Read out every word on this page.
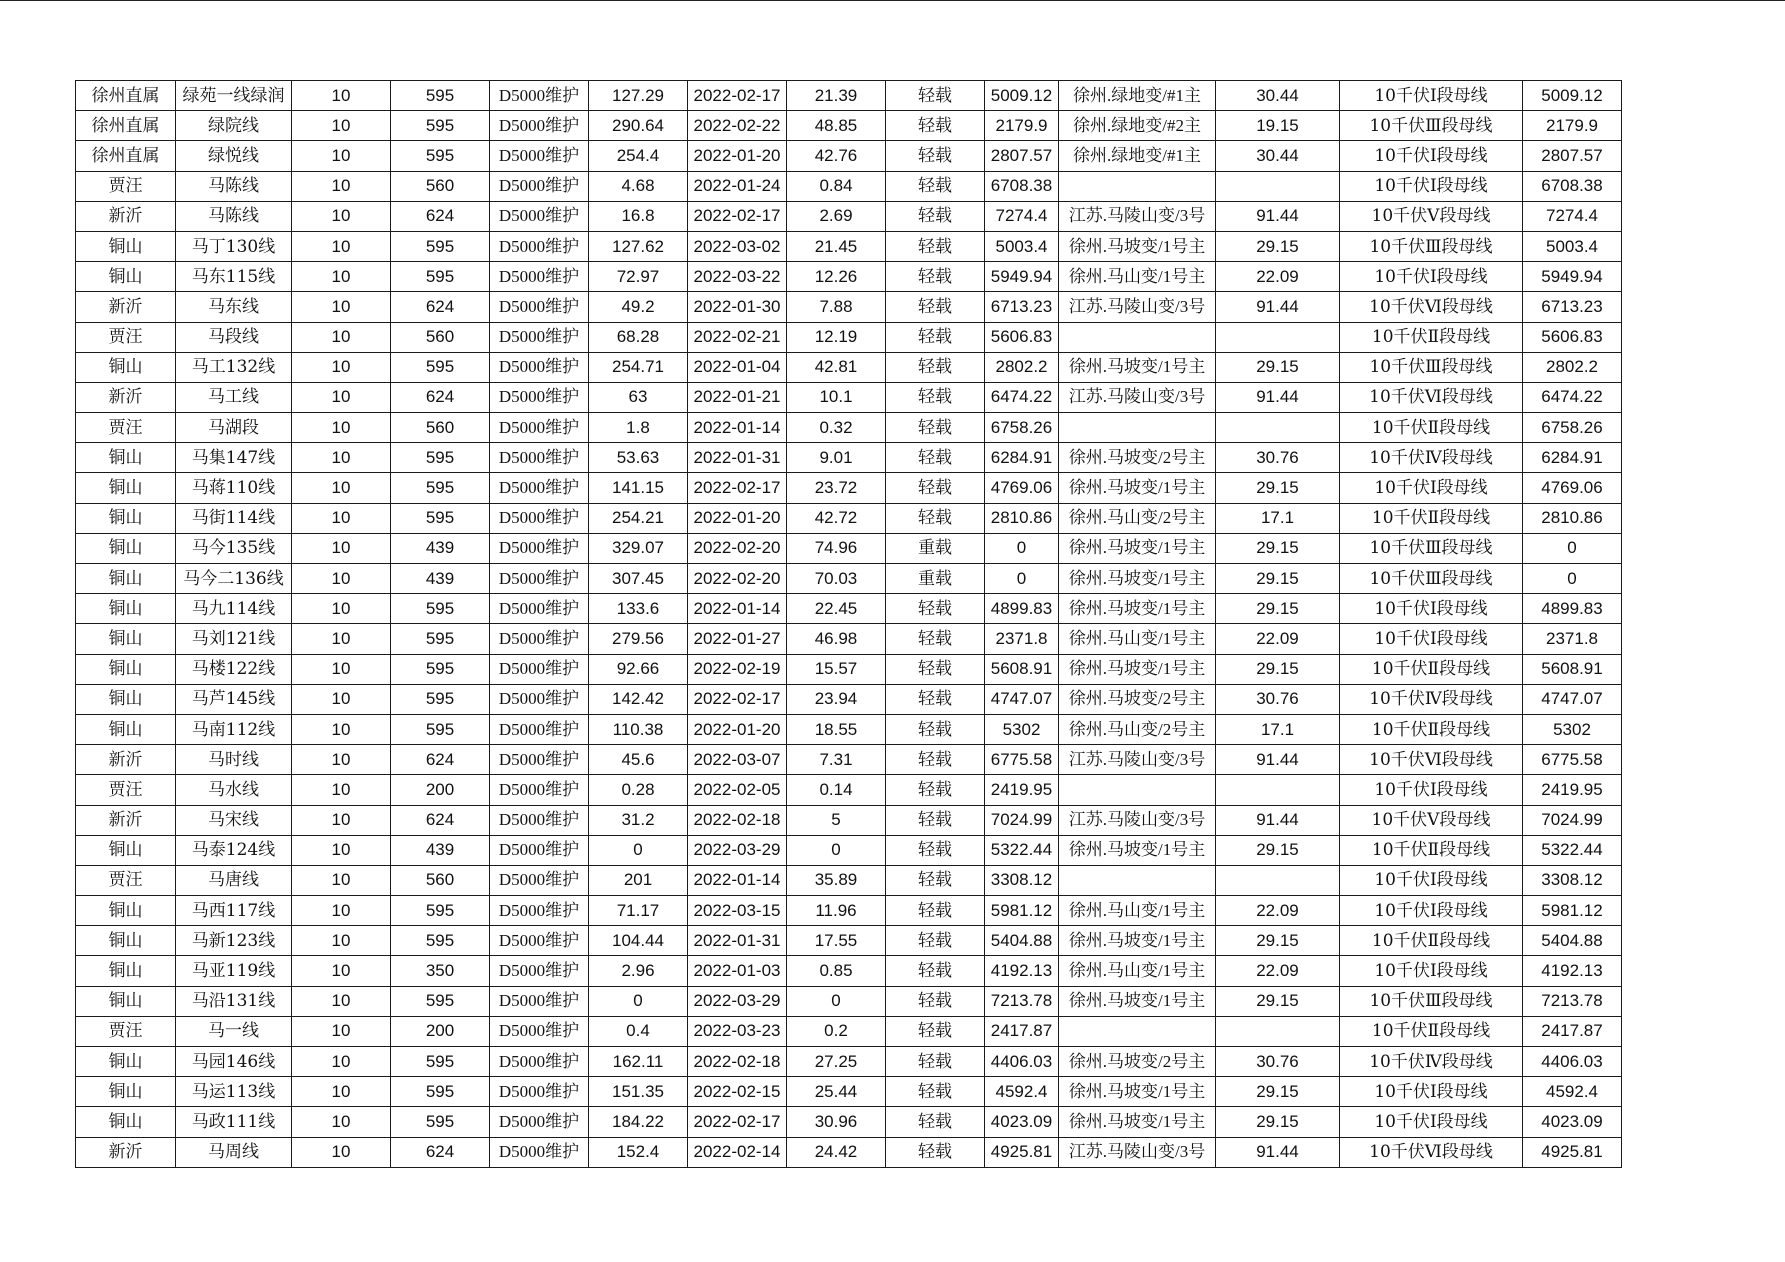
徐州直属	绿苑一线绿润	10	595	D5000维护	127.29	2022-02-17	21.39	轻载	5009.12	徐州.绿地变/#1主	30.44	10千伏Ⅰ段母线	5009.12
徐州直属	绿院线	10	595	D5000维护	290.64	2022-02-22	48.85	轻载	2179.9	徐州.绿地变/#2主	19.15	10千伏Ⅲ段母线	2179.9
徐州直属	绿悦线	10	595	D5000维护	254.4	2022-01-20	42.76	轻载	2807.57	徐州.绿地变/#1主	30.44	10千伏Ⅰ段母线	2807.57
贾汪	马陈线	10	560	D5000维护	4.68	2022-01-24	0.84	轻载	6708.38			10千伏Ⅰ段母线	6708.38
新沂	马陈线	10	624	D5000维护	16.8	2022-02-17	2.69	轻载	7274.4	江苏.马陵山变/3号	91.44	10千伏Ⅴ段母线	7274.4
铜山	马丁130线	10	595	D5000维护	127.62	2022-03-02	21.45	轻载	5003.4	徐州.马坡变/1号主	29.15	10千伏Ⅲ段母线	5003.4
铜山	马东115线	10	595	D5000维护	72.97	2022-03-22	12.26	轻载	5949.94	徐州.马山变/1号主	22.09	10千伏Ⅰ段母线	5949.94
新沂	马东线	10	624	D5000维护	49.2	2022-01-30	7.88	轻载	6713.23	江苏.马陵山变/3号	91.44	10千伏Ⅵ段母线	6713.23
贾汪	马段线	10	560	D5000维护	68.28	2022-02-21	12.19	轻载	5606.83			10千伏Ⅱ段母线	5606.83
铜山	马工132线	10	595	D5000维护	254.71	2022-01-04	42.81	轻载	2802.2	徐州.马坡变/1号主	29.15	10千伏Ⅲ段母线	2802.2
新沂	马工线	10	624	D5000维护	63	2022-01-21	10.1	轻载	6474.22	江苏.马陵山变/3号	91.44	10千伏Ⅵ段母线	6474.22
贾汪	马湖段	10	560	D5000维护	1.8	2022-01-14	0.32	轻载	6758.26			10千伏Ⅱ段母线	6758.26
铜山	马集147线	10	595	D5000维护	53.63	2022-01-31	9.01	轻载	6284.91	徐州.马坡变/2号主	30.76	10千伏Ⅳ段母线	6284.91
铜山	马蒋110线	10	595	D5000维护	141.15	2022-02-17	23.72	轻载	4769.06	徐州.马坡变/1号主	29.15	10千伏Ⅰ段母线	4769.06
铜山	马街114线	10	595	D5000维护	254.21	2022-01-20	42.72	轻载	2810.86	徐州.马山变/2号主	17.1	10千伏Ⅱ段母线	2810.86
铜山	马今135线	10	439	D5000维护	329.07	2022-02-20	74.96	重载	0	徐州.马坡变/1号主	29.15	10千伏Ⅲ段母线	0
铜山	马今二136线	10	439	D5000维护	307.45	2022-02-20	70.03	重载	0	徐州.马坡变/1号主	29.15	10千伏Ⅲ段母线	0
铜山	马九114线	10	595	D5000维护	133.6	2022-01-14	22.45	轻载	4899.83	徐州.马坡变/1号主	29.15	10千伏Ⅰ段母线	4899.83
铜山	马刘121线	10	595	D5000维护	279.56	2022-01-27	46.98	轻载	2371.8	徐州.马山变/1号主	22.09	10千伏Ⅰ段母线	2371.8
铜山	马楼122线	10	595	D5000维护	92.66	2022-02-19	15.57	轻载	5608.91	徐州.马坡变/1号主	29.15	10千伏Ⅱ段母线	5608.91
铜山	马芦145线	10	595	D5000维护	142.42	2022-02-17	23.94	轻载	4747.07	徐州.马坡变/2号主	30.76	10千伏Ⅳ段母线	4747.07
铜山	马南112线	10	595	D5000维护	110.38	2022-01-20	18.55	轻载	5302	徐州.马山变/2号主	17.1	10千伏Ⅱ段母线	5302
新沂	马时线	10	624	D5000维护	45.6	2022-03-07	7.31	轻载	6775.58	江苏.马陵山变/3号	91.44	10千伏Ⅵ段母线	6775.58
贾汪	马水线	10	200	D5000维护	0.28	2022-02-05	0.14	轻载	2419.95			10千伏Ⅰ段母线	2419.95
新沂	马宋线	10	624	D5000维护	31.2	2022-02-18	5	轻载	7024.99	江苏.马陵山变/3号	91.44	10千伏Ⅴ段母线	7024.99
铜山	马泰124线	10	439	D5000维护	0	2022-03-29	0	轻载	5322.44	徐州.马坡变/1号主	29.15	10千伏Ⅱ段母线	5322.44
贾汪	马唐线	10	560	D5000维护	201	2022-01-14	35.89	轻载	3308.12			10千伏Ⅰ段母线	3308.12
铜山	马西117线	10	595	D5000维护	71.17	2022-03-15	11.96	轻载	5981.12	徐州.马山变/1号主	22.09	10千伏Ⅰ段母线	5981.12
铜山	马新123线	10	595	D5000维护	104.44	2022-01-31	17.55	轻载	5404.88	徐州.马坡变/1号主	29.15	10千伏Ⅱ段母线	5404.88
铜山	马亚119线	10	350	D5000维护	2.96	2022-01-03	0.85	轻载	4192.13	徐州.马山变/1号主	22.09	10千伏Ⅰ段母线	4192.13
铜山	马沿131线	10	595	D5000维护	0	2022-03-29	0	轻载	7213.78	徐州.马坡变/1号主	29.15	10千伏Ⅲ段母线	7213.78
贾汪	马一线	10	200	D5000维护	0.4	2022-03-23	0.2	轻载	2417.87			10千伏Ⅱ段母线	2417.87
铜山	马园146线	10	595	D5000维护	162.11	2022-02-18	27.25	轻载	4406.03	徐州.马坡变/2号主	30.76	10千伏Ⅳ段母线	4406.03
铜山	马运113线	10	595	D5000维护	151.35	2022-02-15	25.44	轻载	4592.4	徐州.马坡变/1号主	29.15	10千伏Ⅰ段母线	4592.4
铜山	马政111线	10	595	D5000维护	184.22	2022-02-17	30.96	轻载	4023.09	徐州.马坡变/1号主	29.15	10千伏Ⅰ段母线	4023.09
新沂	马周线	10	624	D5000维护	152.4	2022-02-14	24.42	轻载	4925.81	江苏.马陵山变/3号	91.44	10千伏Ⅵ段母线	4925.81
